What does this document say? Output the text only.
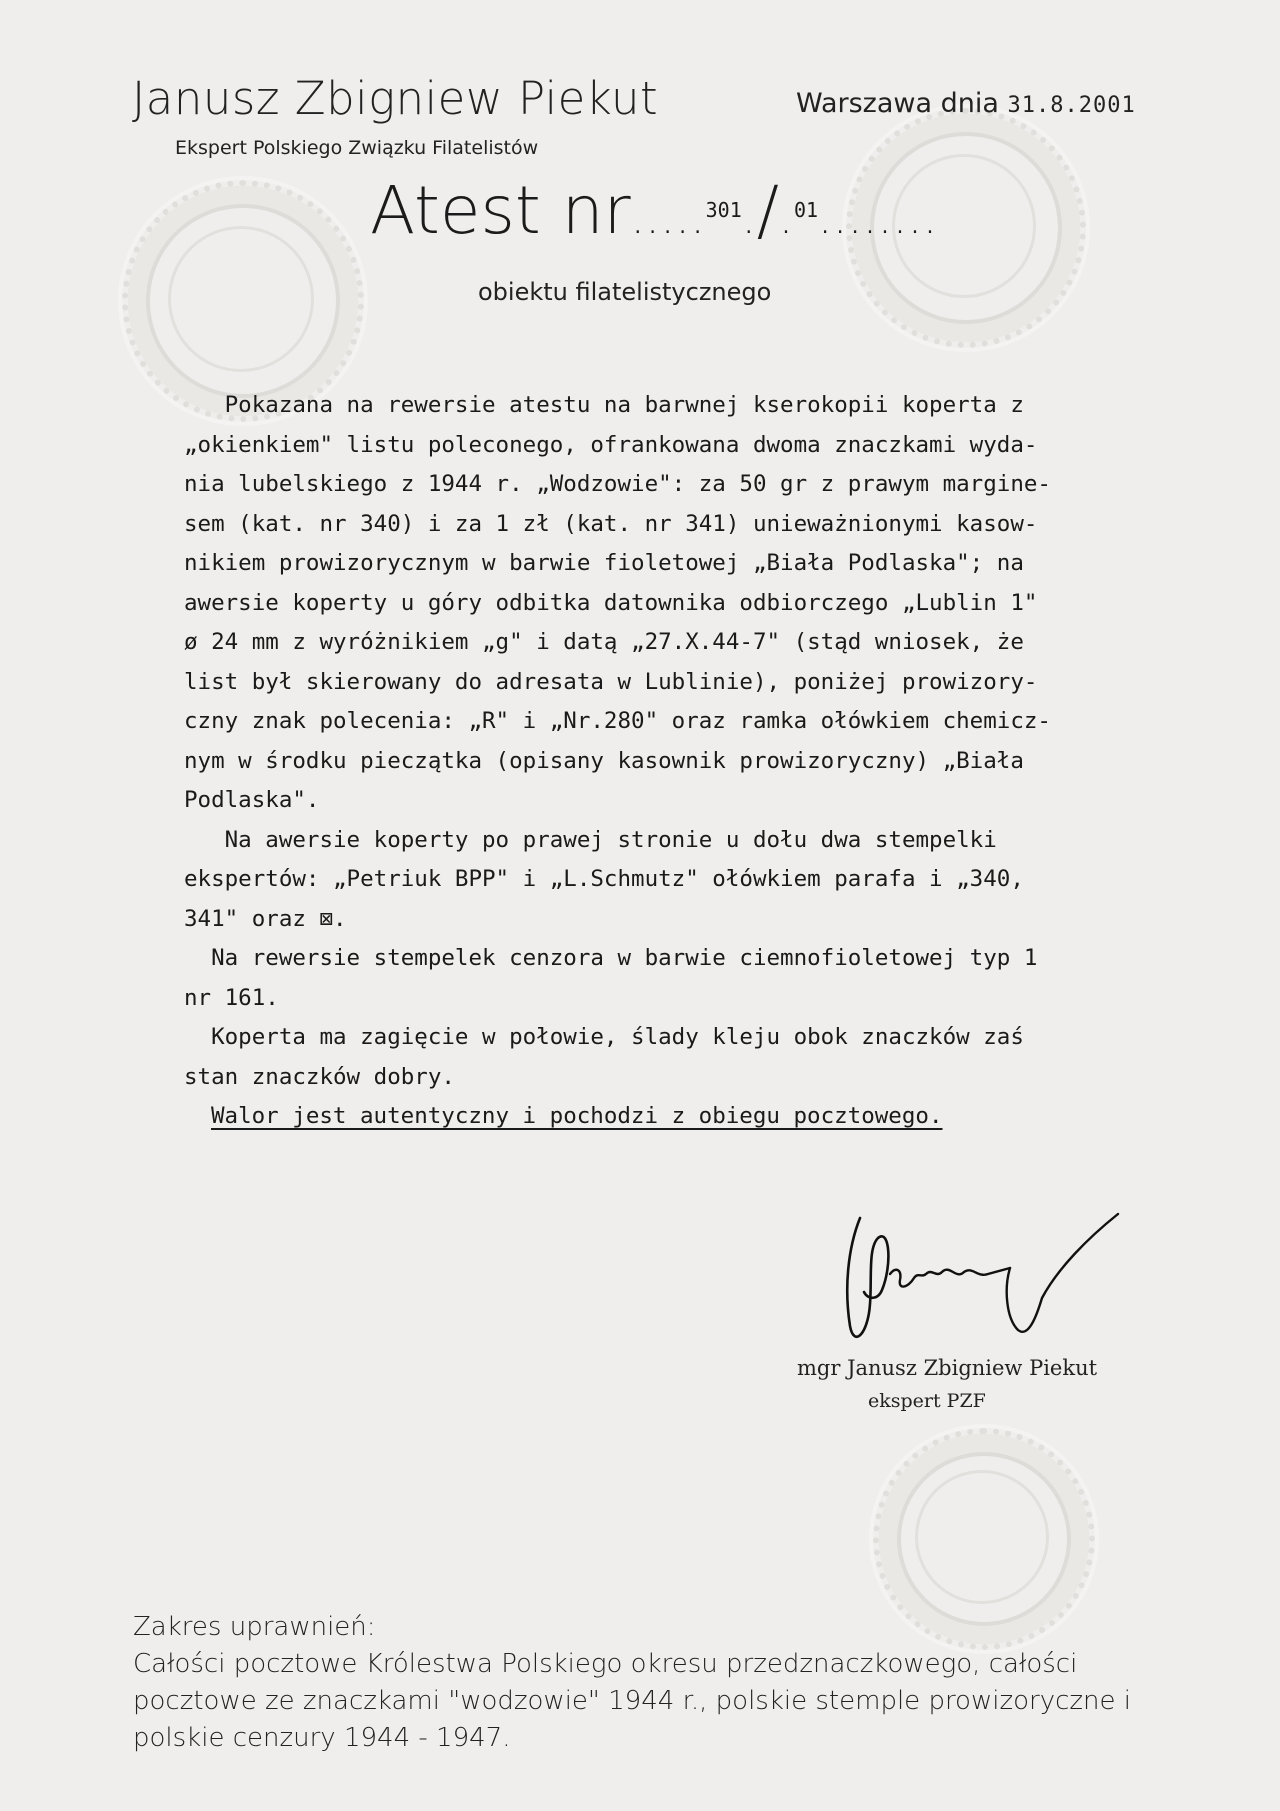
Janusz Zbigniew Piekut
Ekspert Polskiego Związku Filatelistów
Warszawa dnia 31.8.2001
Atest nr.....$^{301}$./.$^{01}$........
obiektu filatelistycznego
Pokazana na rewersie atestu na barwnej kserokopii koperta z
„okienkiem" listu poleconego, ofrankowana dwoma znaczkami wyda-
nia lubelskiego z 1944 r. „Wodzowie": za 50 gr z prawym margine-
sem (kat. nr 340) i za 1 zł (kat. nr 341) unieważnionymi kasow-
nikiem prowizorycznym w barwie fioletowej „Biała Podlaska"; na
awersie koperty u góry odbitka datownika odbiorczego „Lublin 1"
ø 24 mm z wyróżnikiem „g" i datą „27.X.44-7" (stąd wniosek, że
list był skierowany do adresata w Lublinie), poniżej prowizory-
czny znak polecenia: „R" i „Nr.280" oraz ramka ołówkiem chemicz-
nym w środku pieczątka (opisany kasownik prowizoryczny) „Biała
Podlaska".
Na awersie koperty po prawej stronie u dołu dwa stempelki
ekspertów: „Petriuk BPP" i „L.Schmutz" ołówkiem parafa i „340,
341" oraz ⊠.
Na rewersie stempelek cenzora w barwie ciemnofioletowej typ 1
nr 161.
Koperta ma zagięcie w połowie, ślady kleju obok znaczków zaś
stan znaczków dobry.
Walor jest autentyczny i pochodzi z obiegu pocztowego.
mgr Janusz Zbigniew Piekut
ekspert PZF
Zakres uprawnień:
Całości pocztowe Królestwa Polskiego okresu przedznaczkowego, całości pocztowe ze znaczkami "wodzowie" 1944 r., polskie stemple prowizoryczne i polskie cenzury 1944 - 1947.
